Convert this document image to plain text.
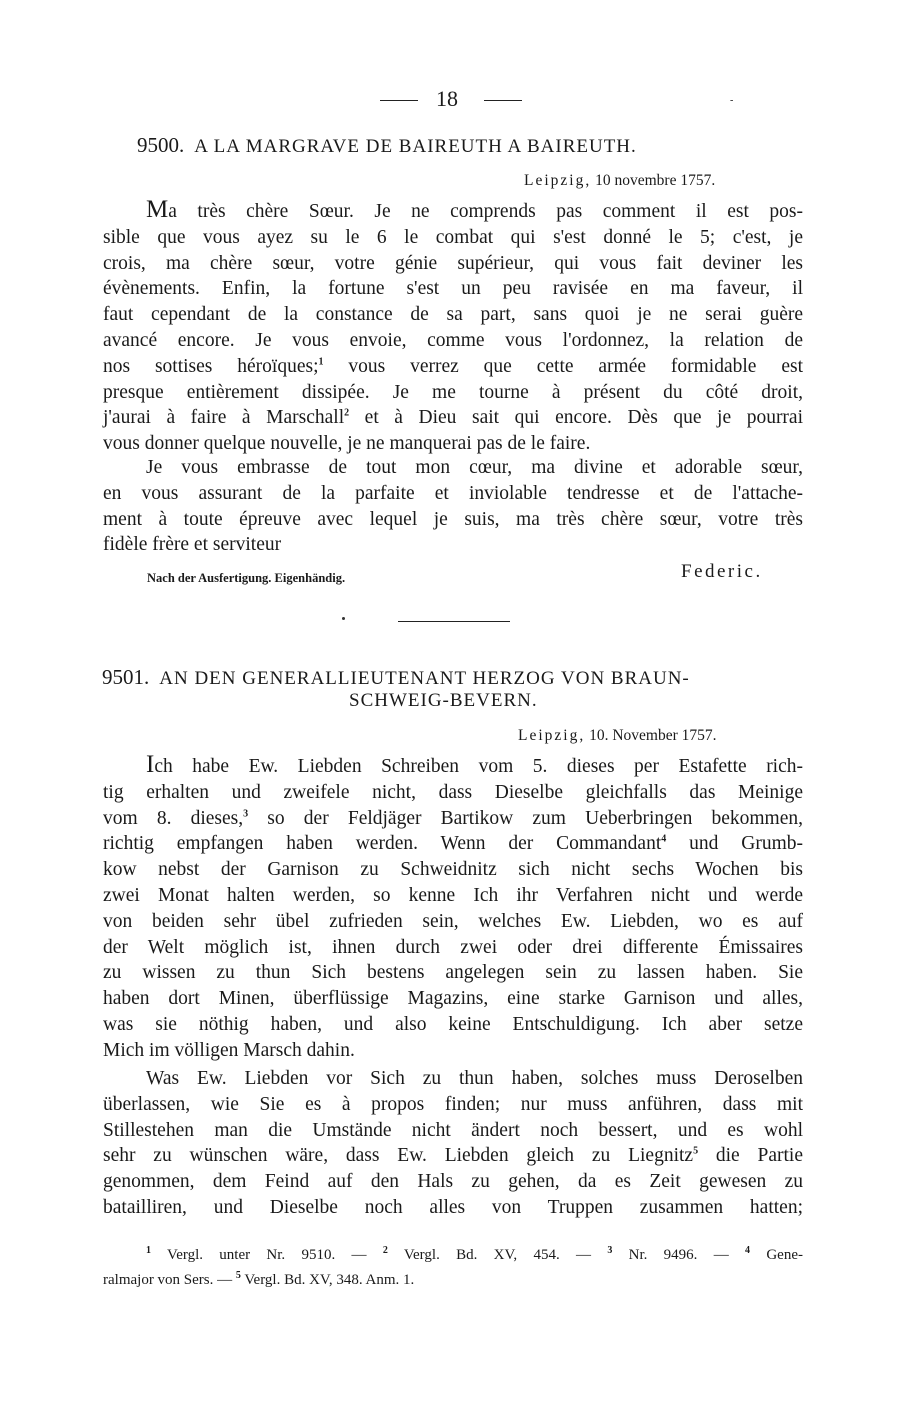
18	-
9500. A LA MARGRAVE DE BAIREUTH A BAIREUTH.
Leipzig, 10 novembre 1757.
Ma très chère Sœur. Je ne comprends pas comment il est pos-
sible que vous ayez su le 6 le combat qui s'est donné le 5; c'est, je
crois, ma chère sœur, votre génie supérieur, qui vous fait deviner les
évènements. Enfin, la fortune s'est un peu ravisée en ma faveur, il
faut cependant de la constance de sa part, sans quoi je ne serai guère
avancé encore. Je vous envoie, comme vous l'ordonnez, la relation de
nos sottises héroïques;$^1$ vous verrez que cette armée formidable est
presque entièrement dissipée. Je me tourne à présent du côté droit,
j'aurai à faire à Marschall$^2$ et à Dieu sait qui encore. Dès que je pourrai
vous donner quelque nouvelle, je ne manquerai pas de le faire.
Je vous embrasse de tout mon cœur, ma divine et adorable sœur,
en vous assurant de la parfaite et inviolable tendresse et de l'attache-
ment à toute épreuve avec lequel je suis, ma très chère sœur, votre très
fidèle frère et serviteur
Nach der Ausfertigung. Eigenhändig.	Federic.
9501. AN DEN GENERALLIEUTENANT HERZOG VON BRAUN-
SCHWEIG-BEVERN.
Leipzig, 10. November 1757.
Ich habe Ew. Liebden Schreiben vom 5. dieses per Estafette rich-
tig erhalten und zweifele nicht, dass Dieselbe gleichfalls das Meinige
vom 8. dieses,$^3$ so der Feldjäger Bartikow zum Ueberbringen bekommen,
richtig empfangen haben werden. Wenn der Commandant$^4$ und Grumb-
kow nebst der Garnison zu Schweidnitz sich nicht sechs Wochen bis
zwei Monat halten werden, so kenne Ich ihr Verfahren nicht und werde
von beiden sehr übel zufrieden sein, welches Ew. Liebden, wo es auf
der Welt möglich ist, ihnen durch zwei oder drei differente Émissaires
zu wissen zu thun Sich bestens angelegen sein zu lassen haben. Sie
haben dort Minen, überflüssige Magazins, eine starke Garnison und alles,
was sie nöthig haben, und also keine Entschuldigung. Ich aber setze
Mich im völligen Marsch dahin.
Was Ew. Liebden vor Sich zu thun haben, solches muss Deroselben
überlassen, wie Sie es à propos finden; nur muss anführen, dass mit
Stillestehen man die Umstände nicht ändert noch bessert, und es wohl
sehr zu wünschen wäre, dass Ew. Liebden gleich zu Liegnitz$^5$ die Partie
genommen, dem Feind auf den Hals zu gehen, da es Zeit gewesen zu
batailliren, und Dieselbe noch alles von Truppen zusammen hatten;
$^1$ Vergl. unter Nr. 9510. — $^2$ Vergl. Bd. XV, 454. — $^3$ Nr. 9496. — $^4$ Gene-
ralmajor von Sers. — $^5$ Vergl. Bd. XV, 348. Anm. 1.
